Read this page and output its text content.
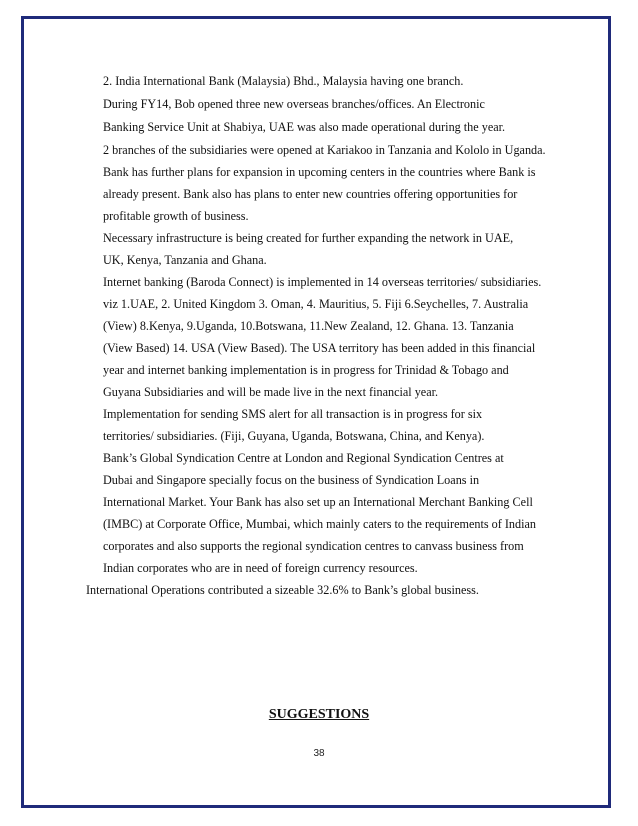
2. India International Bank (Malaysia) Bhd., Malaysia having one branch.
During FY14, Bob opened three new overseas branches/offices. An Electronic
Banking Service Unit at Shabiya, UAE was also made operational during the year.
2 branches of the subsidiaries were opened at Kariakoo in Tanzania and Kololo in Uganda.
Bank has further plans for expansion in upcoming centers in the countries where Bank is
already present. Bank also has plans to enter new countries offering opportunities for
profitable growth of business.
Necessary infrastructure is being created for further expanding the network in UAE,
UK, Kenya, Tanzania and Ghana.
Internet banking (Baroda Connect) is implemented in 14 overseas territories/ subsidiaries.
viz 1.UAE, 2. United Kingdom 3. Oman, 4. Mauritius, 5. Fiji 6.Seychelles, 7. Australia
(View) 8.Kenya, 9.Uganda, 10.Botswana, 11.New Zealand, 12. Ghana. 13. Tanzania
(View Based) 14. USA (View Based). The USA territory has been added in this financial
year and internet banking implementation is in progress for Trinidad & Tobago and
Guyana Subsidiaries and will be made live in the next financial year.
Implementation for sending SMS alert for all transaction is in progress for six
territories/ subsidiaries. (Fiji, Guyana, Uganda, Botswana, China, and Kenya).
Bank’s Global Syndication Centre at London and Regional Syndication Centres at
Dubai and Singapore specially focus on the business of Syndication Loans in
International Market. Your Bank has also set up an International Merchant Banking Cell
(IMBC) at Corporate Office, Mumbai, which mainly caters to the requirements of Indian
corporates and also supports the regional syndication centres to canvass business from
Indian corporates who are in need of foreign currency resources.
International Operations contributed a sizeable 32.6% to Bank’s global business.
SUGGESTIONS
38
